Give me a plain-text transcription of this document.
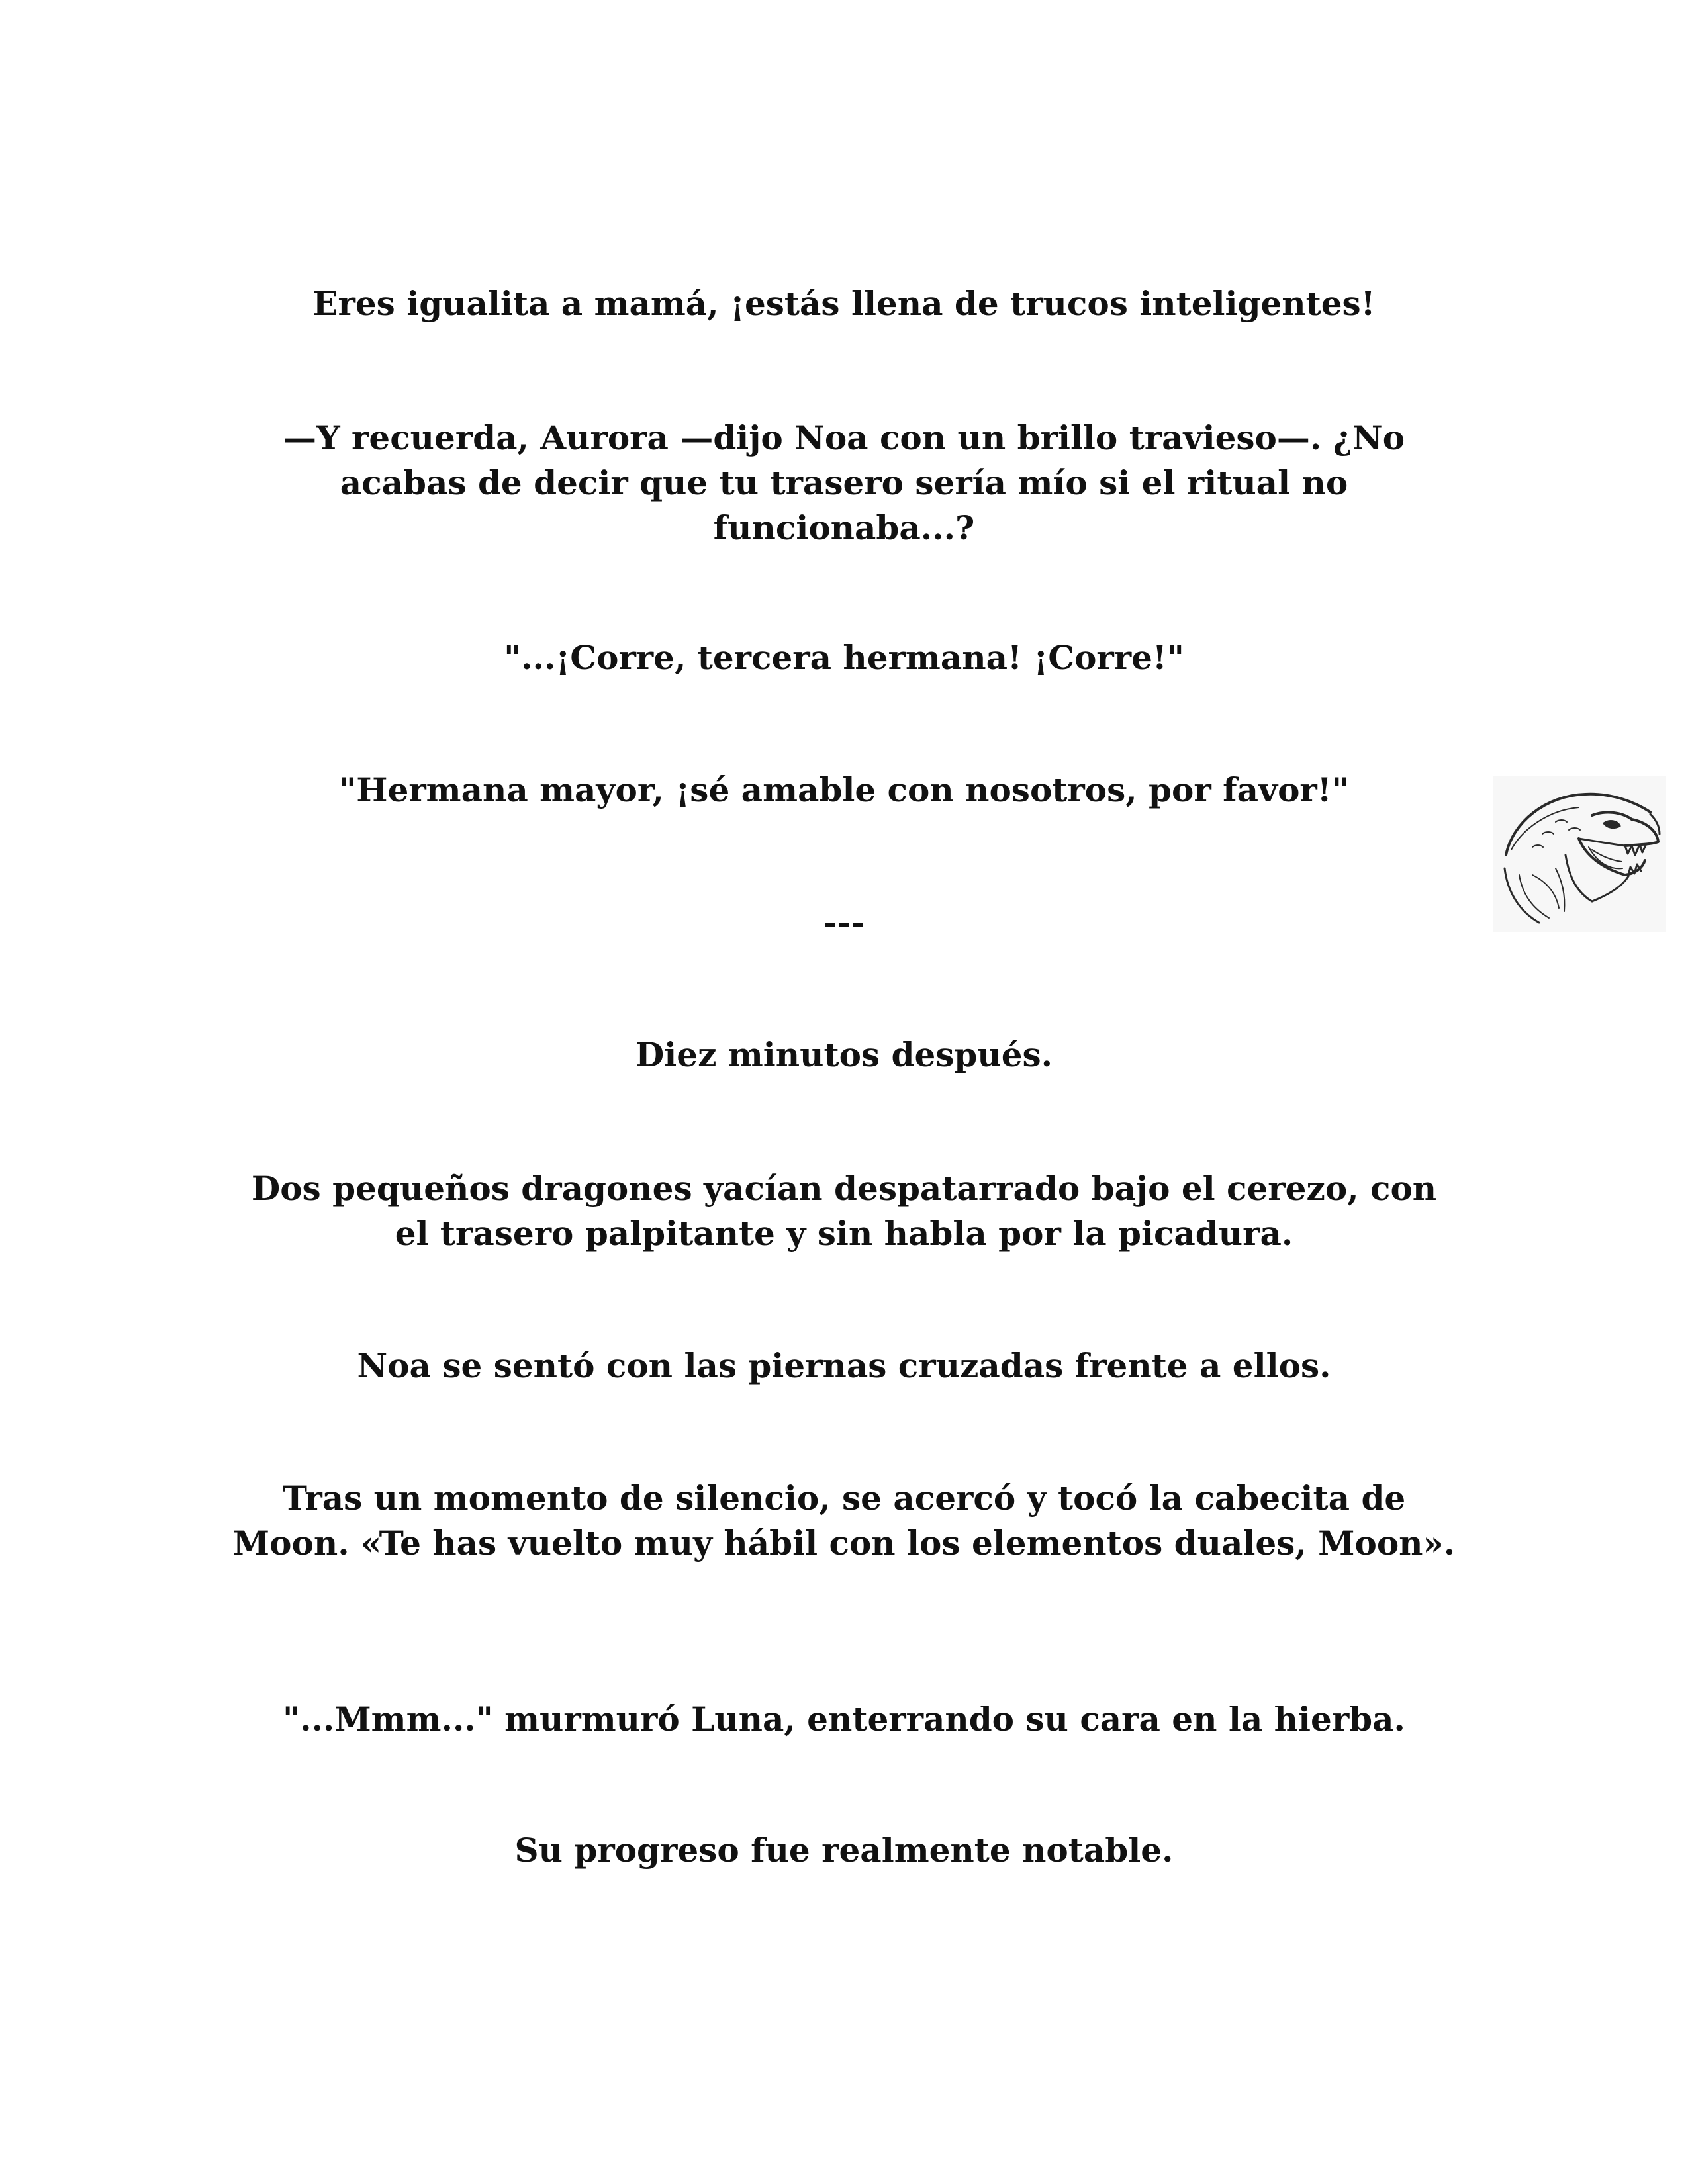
Eres igualita a mamá, ¡estás llena de trucos inteligentes!

—Y recuerda, Aurora —dijo Noa con un brillo travieso—. ¿No acabas de decir que tu trasero sería mío si el ritual no funcionaba...?

"...¡Corre, tercera hermana! ¡Corre!"

"Hermana mayor, ¡sé amable con nosotros, por favor!"

---

Diez minutos después.

Dos pequeños dragones yacían despatarrado bajo el cerezo, con el trasero palpitante y sin habla por la picadura.

Noa se sentó con las piernas cruzadas frente a ellos.

Tras un momento de silencio, se acercó y tocó la cabecita de Moon. «Te has vuelto muy hábil con los elementos duales, Moon».

"...Mmm..." murmuró Luna, enterrando su cara en la hierba.

Su progreso fue realmente notable.
